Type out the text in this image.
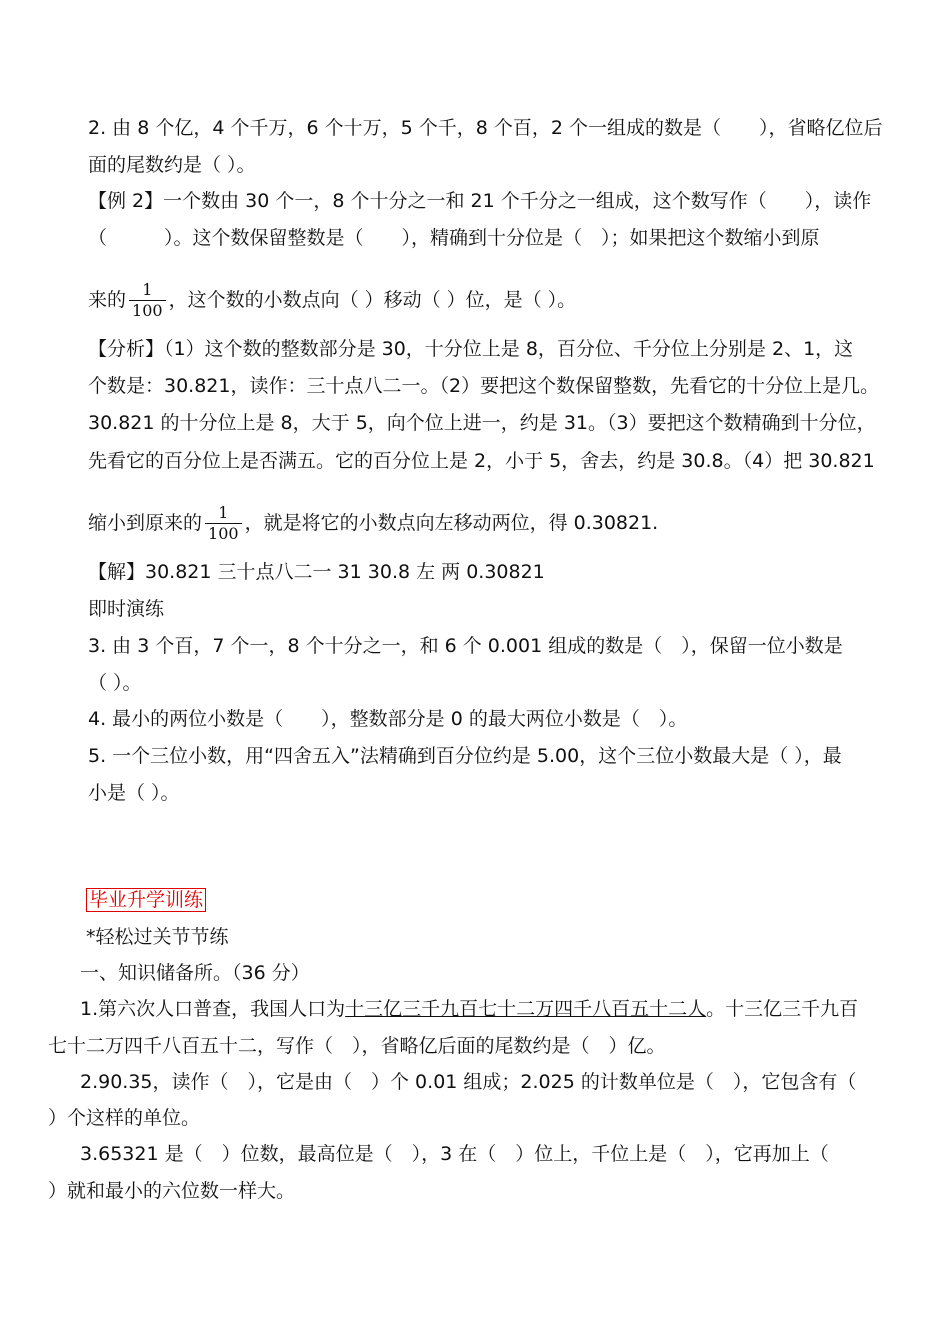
2. 由 8 个亿，4 个千万，6 个十万，5 个千，8 个百，2 个一组成的数是（　　），省略亿位后
面的尾数约是（ ）。
【例 2】一个数由 30 个一，8 个十分之一和 21 个千分之一组成，这个数写作（　　），读作
（　　　）。这个数保留整数是（　　），精确到十分位是（　）；如果把这个数缩小到原
来的 $\frac{1}{100}$ ，这个数的小数点向（ ）移动（ ）位，是（ ）。
【分析】（1）这个数的整数部分是 30，十分位上是 8，百分位、千分位上分别是 2、1，这
个数是：30.821，读作：三十点八二一。（2）要把这个数保留整数，先看它的十分位上是几。
30.821 的十分位上是 8，大于 5，向个位上进一，约是 31。（3）要把这个数精确到十分位，
先看它的百分位上是否满五。它的百分位上是 2，小于 5，舍去，约是 30.8。（4）把 30.821
缩小到原来的 $\frac{1}{100}$ ，就是将它的小数点向左移动两位，得 0.30821.
【解】30.821 三十点八二一 31 30.8 左 两 0.30821
即时演练
3. 由 3 个百，7 个一，8 个十分之一，和 6 个 0.001 组成的数是（　），保留一位小数是
（ ）。
4. 最小的两位小数是（　　），整数部分是 0 的最大两位小数是（　）。
5. 一个三位小数，用“四舍五入”法精确到百分位约是 5.00，这个三位小数最大是（ ），最
小是（ ）。
毕业升学训练
*轻松过关节节练
一、知识储备所。（36 分）
1.第六次人口普查，我国人口为十三亿三千九百七十二万四千八百五十二人。十三亿三千九百
七十二万四千八百五十二，写作（　），省略亿后面的尾数约是（　）亿。
2.90.35，读作（　），它是由（　）个 0.01 组成；2.025 的计数单位是（　），它包含有（
）个这样的单位。
3.65321 是（　）位数，最高位是（　），3 在（　）位上，千位上是（　），它再加上（
）就和最小的六位数一样大。
